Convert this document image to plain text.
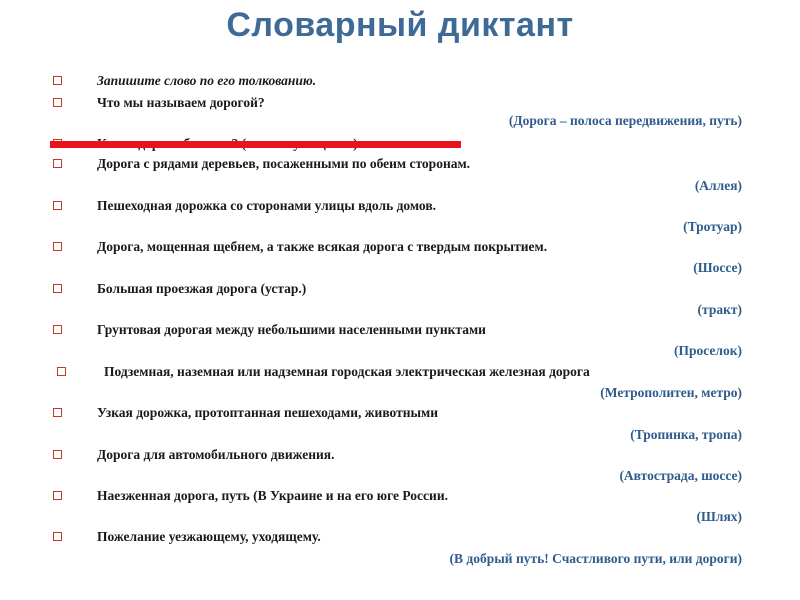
Словарный диктант
Запишите слово по его толкованию.
Что мы называем дорогой?
(Дорога – полоса передвижения, путь)
Дорога с рядами деревьев, посаженными по обеим сторонам.
(Аллея)
Пешеходная дорожка со сторонами улицы вдоль домов.
(Тротуар)
Дорога, мощенная щебнем, а также всякая дорога с твердым покрытием.
(Шоссе)
Большая проезжая дорога (устар.)
(тракт)
Грунтовая дорогая между небольшими населенными пунктами
(Проселок)
Подземная, наземная или надземная городская электрическая железная дорога
(Метрополитен, метро)
Узкая дорожка, протоптанная пешеходами, животными
(Тропинка, тропа)
Дорога для автомобильного движения.
(Автострада, шоссе)
Наезженная дорога, путь (В Украине и на его юге России.
(Шлях)
Пожелание уезжающему, уходящему.
(В добрый путь! Счастливого пути, или дороги)
